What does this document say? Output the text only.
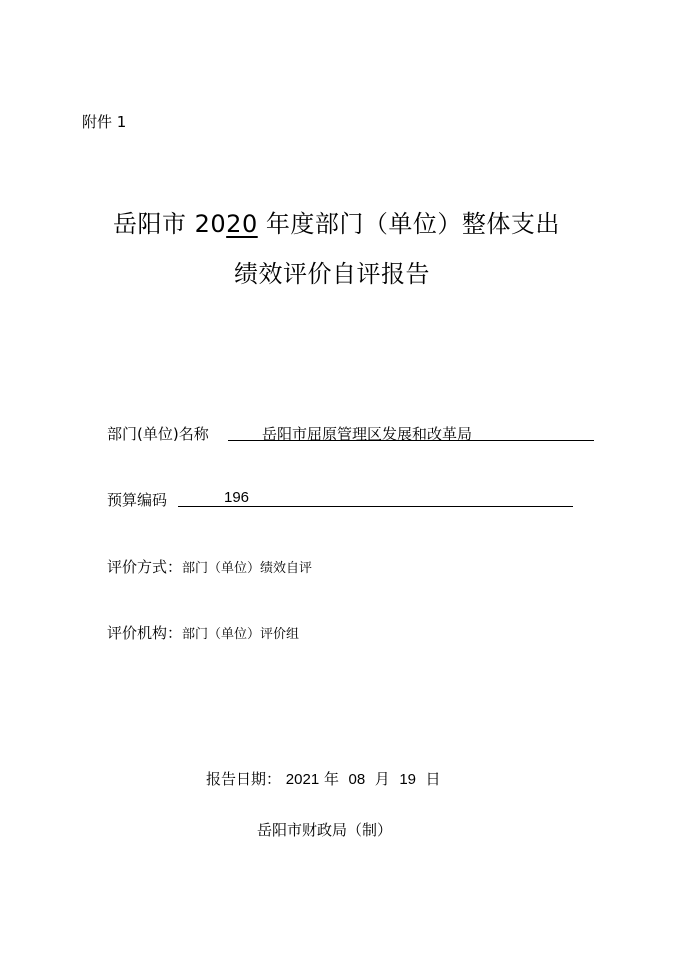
附件 1
岳阳市 2020 年度部门（单位）整体支出
绩效评价自评报告
部门(单位)名称	岳阳市屈原管理区发展和改革局
预算编码	196
评价方式：部门（单位）绩效自评
评价机构：部门（单位）评价组
报告日期： 2021 年 08 月 19 日
岳阳市财政局（制）
